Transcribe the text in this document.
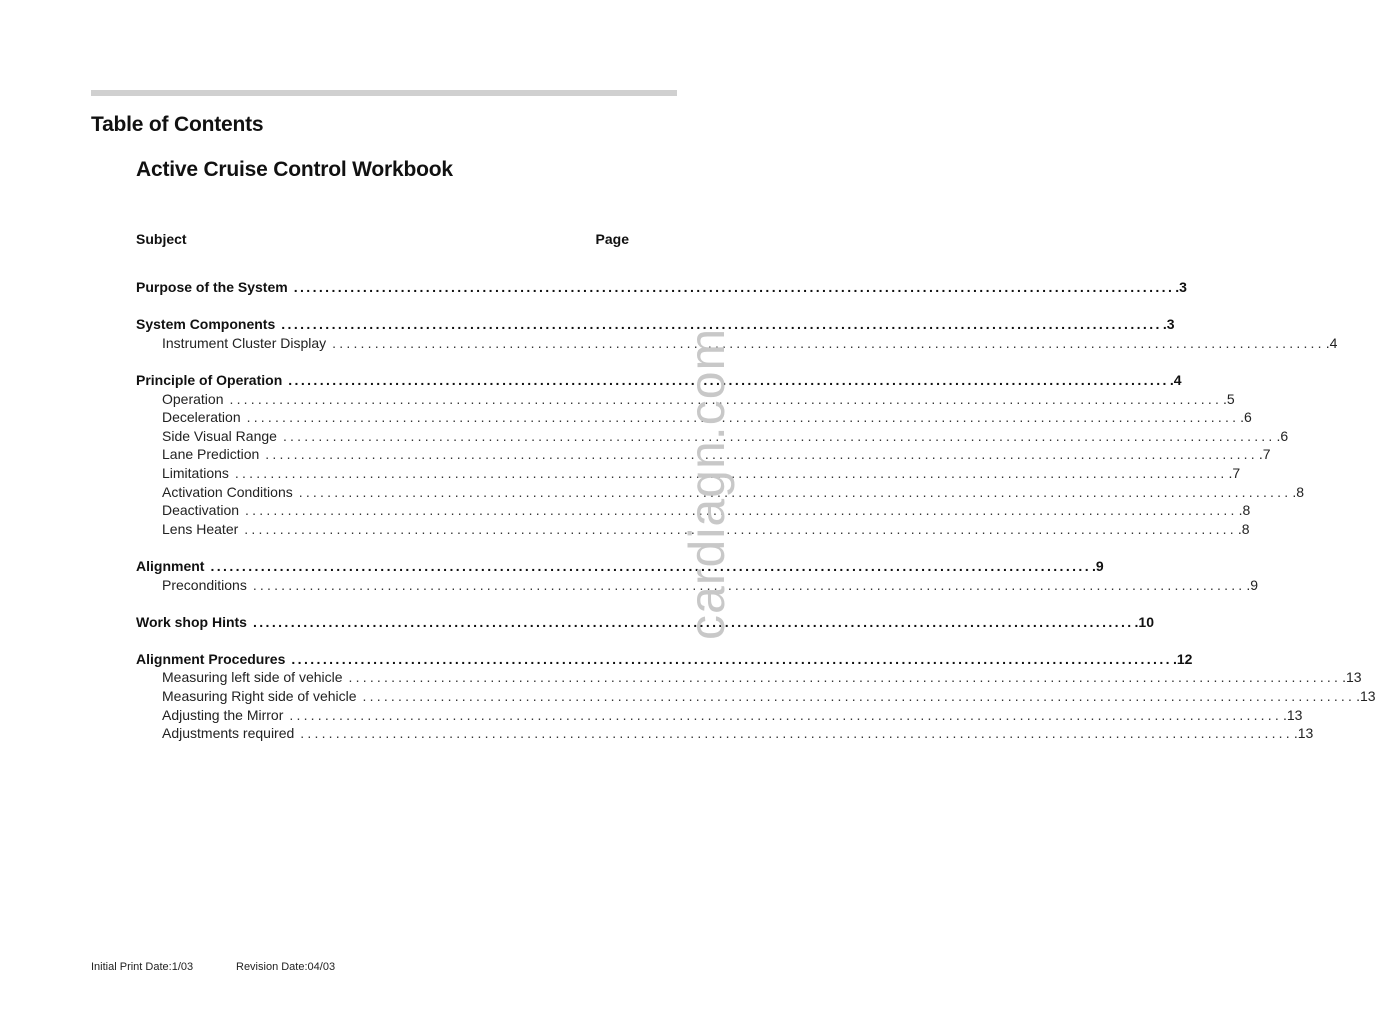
Table of Contents
Active Cruise Control Workbook
Subject	Page
Purpose of the System ............................................................................................................................................ .3
System Components ............................................................................................................................................ .3
Instrument Cluster Display ............................................................................................................................................ .4
Principle of Operation ............................................................................................................................................ .4
Operation ............................................................................................................................................ .5
Deceleration ............................................................................................................................................ .6
Side Visual Range ............................................................................................................................................ .6
Lane Prediction ............................................................................................................................................ .7
Limitations ............................................................................................................................................ .7
Activation Conditions ............................................................................................................................................ .8
Deactivation ............................................................................................................................................ .8
Lens Heater ............................................................................................................................................ .8
Alignment ............................................................................................................................................ .9
Preconditions ............................................................................................................................................ .9
Work shop Hints ............................................................................................................................................ .10
Alignment Procedures ............................................................................................................................................ .12
Measuring left side of vehicle ............................................................................................................................................ .13
Measuring Right side of vehicle ............................................................................................................................................ .13
Adjusting the Mirror ............................................................................................................................................ .13
Adjustments required ............................................................................................................................................ .13
cardiagn.com
Initial Print Date:1/03	Revision Date:04/03
